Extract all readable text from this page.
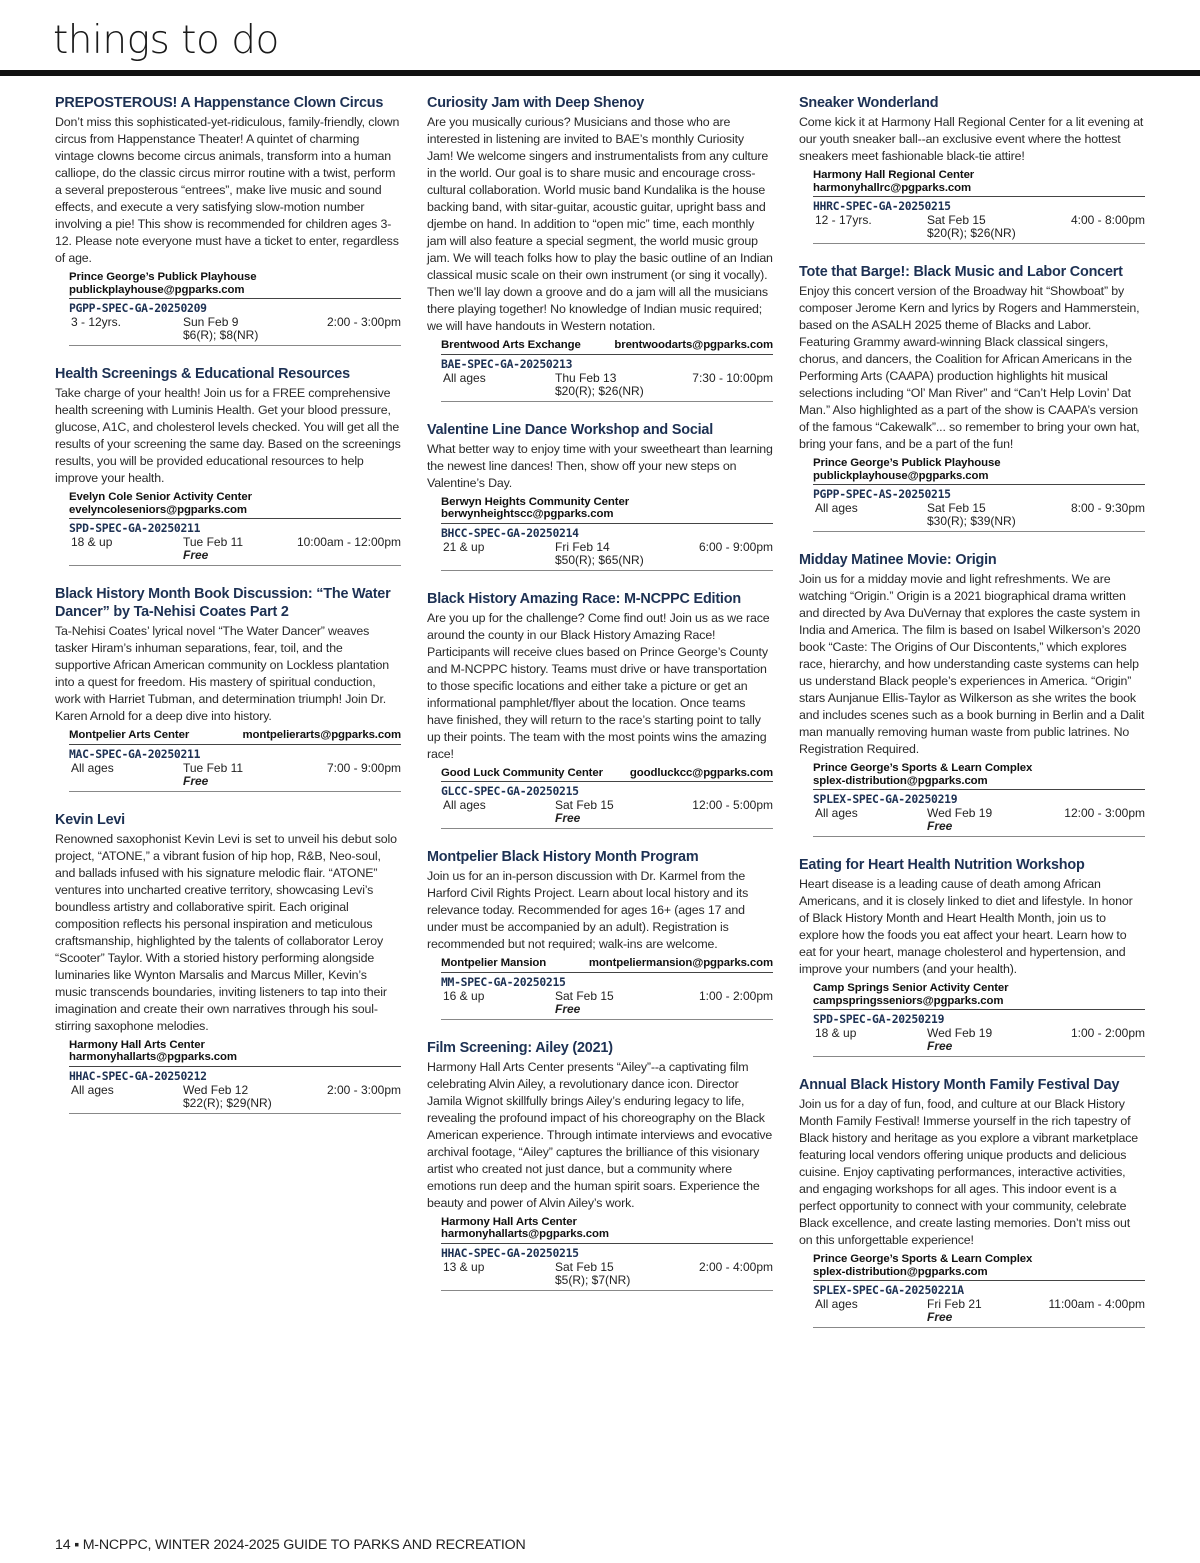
things to do
PREPOSTEROUS! A Happenstance Clown Circus

Don’t miss this sophisticated-yet-ridiculous, family-friendly, clown circus from Happenstance Theater! A quintet of charming vintage clowns become circus animals, transform into a human calliope, do the classic circus mirror routine with a twist, perform a several preposterous “entrees”, make live music and sound effects, and execute a very satisfying slow-motion number involving a pie! This show is recommended for children ages 3-12. Please note everyone must have a ticket to enter, regardless of age.

Prince George’s Publick Playhouse
publickplayhouse@pgparks.com
PGPP-SPEC-GA-20250209
3 - 12yrs.	Sun Feb 9	2:00 - 3:00pm
$6(R); $8(NR)
Health Screenings & Educational Resources

Take charge of your health! Join us for a FREE comprehensive health screening with Luminis Health. Get your blood pressure, glucose, A1C, and cholesterol levels checked. You will get all the results of your screening the same day. Based on the screenings results, you will be provided educational resources to help improve your health.

Evelyn Cole Senior Activity Center
evelyncoleseniors@pgparks.com
SPD-SPEC-GA-20250211
18 & up	Tue Feb 11	10:00am - 12:00pm
Free
Black History Month Book Discussion: “The Water Dancer” by Ta-Nehisi Coates Part 2

Ta-Nehisi Coates’ lyrical novel “The Water Dancer” weaves tasker Hiram’s inhuman separations, fear, toil, and the supportive African American community on Lockless plantation into a quest for freedom. His mastery of spiritual conduction, work with Harriet Tubman, and determination triumph! Join Dr. Karen Arnold for a deep dive into history.

Montpelier Arts Center	montpelierarts@pgparks.com
MAC-SPEC-GA-20250211
All ages	Tue Feb 11	7:00 - 9:00pm
Free
Kevin Levi

Renowned saxophonist Kevin Levi is set to unveil his debut solo project, “ATONE,” a vibrant fusion of hip hop, R&B, Neo-soul, and ballads infused with his signature melodic flair. “ATONE” ventures into uncharted creative territory, showcasing Levi’s boundless artistry and collaborative spirit. Each original composition reflects his personal inspiration and meticulous craftsmanship, highlighted by the talents of collaborator Leroy “Scooter” Taylor. With a storied history performing alongside luminaries like Wynton Marsalis and Marcus Miller, Kevin’s music transcends boundaries, inviting listeners to tap into their imagination and create their own narratives through his soul-stirring saxophone melodies.

Harmony Hall Arts Center
harmonyhallarts@pgparks.com
HHAC-SPEC-GA-20250212
All ages	Wed Feb 12	2:00 - 3:00pm
$22(R); $29(NR)
Curiosity Jam with Deep Shenoy

Are you musically curious? Musicians and those who are interested in listening are invited to BAE’s monthly Curiosity Jam! We welcome singers and instrumentalists from any culture in the world. Our goal is to share music and encourage cross-cultural collaboration. World music band Kundalika is the house backing band, with sitar-guitar, acoustic guitar, upright bass and djembe on hand. In addition to “open mic” time, each monthly jam will also feature a special segment, the world music group jam. We will teach folks how to play the basic outline of an Indian classical music scale on their own instrument (or sing it vocally). Then we’ll lay down a groove and do a jam will all the musicians there playing together! No knowledge of Indian music required; we will have handouts in Western notation.

Brentwood Arts Exchange	brentwoodarts@pgparks.com
BAE-SPEC-GA-20250213
All ages	Thu Feb 13	7:30 - 10:00pm
$20(R); $26(NR)
Valentine Line Dance Workshop and Social

What better way to enjoy time with your sweetheart than learning the newest line dances! Then, show off your new steps on Valentine’s Day.

Berwyn Heights Community Center
berwynheightscc@pgparks.com
BHCC-SPEC-GA-20250214
21 & up	Fri Feb 14	6:00 - 9:00pm
$50(R); $65(NR)
Black History Amazing Race: M-NCPPC Edition

Are you up for the challenge? Come find out! Join us as we race around the county in our Black History Amazing Race! Participants will receive clues based on Prince George’s County and M-NCPPC history. Teams must drive or have transportation to those specific locations and either take a picture or get an informational pamphlet/flyer about the location. Once teams have finished, they will return to the race’s starting point to tally up their points. The team with the most points wins the amazing race!

Good Luck Community Center goodluckcc@pgparks.com
GLCC-SPEC-GA-20250215
All ages	Sat Feb 15	12:00 - 5:00pm
Free
Montpelier Black History Month Program

Join us for an in-person discussion with Dr. Karmel from the Harford Civil Rights Project. Learn about local history and its relevance today. Recommended for ages 16+ (ages 17 and under must be accompanied by an adult). Registration is recommended but not required; walk-ins are welcome.

Montpelier Mansion	montpeliermansion@pgparks.com
MM-SPEC-GA-20250215
16 & up	Sat Feb 15	1:00 - 2:00pm
Free
Film Screening: Ailey (2021)

Harmony Hall Arts Center presents “Ailey”--a captivating film celebrating Alvin Ailey, a revolutionary dance icon. Director Jamila Wignot skillfully brings Ailey’s enduring legacy to life, revealing the profound impact of his choreography on the Black American experience. Through intimate interviews and evocative archival footage, “Ailey” captures the brilliance of this visionary artist who created not just dance, but a community where emotions run deep and the human spirit soars. Experience the beauty and power of Alvin Ailey’s work.

Harmony Hall Arts Center
harmonyhallarts@pgparks.com
HHAC-SPEC-GA-20250215
13 & up	Sat Feb 15	2:00 - 4:00pm
$5(R); $7(NR)
Sneaker Wonderland

Come kick it at Harmony Hall Regional Center for a lit evening at our youth sneaker ball--an exclusive event where the hottest sneakers meet fashionable black-tie attire!

Harmony Hall Regional Center
harmonyhallrc@pgparks.com
HHRC-SPEC-GA-20250215
12 - 17yrs.	Sat Feb 15	4:00 - 8:00pm
$20(R); $26(NR)
Tote that Barge!: Black Music and Labor Concert

Enjoy this concert version of the Broadway hit “Showboat” by composer Jerome Kern and lyrics by Rogers and Hammerstein, based on the ASALH 2025 theme of Blacks and Labor. Featuring Grammy award-winning Black classical singers, chorus, and dancers, the Coalition for African Americans in the Performing Arts (CAAPA) production highlights hit musical selections including “Ol’ Man River” and “Can’t Help Lovin’ Dat Man.” Also highlighted as a part of the show is CAAPA’s version of the famous “Cakewalk”... so remember to bring your own hat, bring your fans, and be a part of the fun!

Prince George’s Publick Playhouse
publickplayhouse@pgparks.com
PGPP-SPEC-AS-20250215
All ages	Sat Feb 15	8:00 - 9:30pm
$30(R); $39(NR)
Midday Matinee Movie: Origin

Join us for a midday movie and light refreshments. We are watching “Origin.” Origin is a 2021 biographical drama written and directed by Ava DuVernay that explores the caste system in India and America. The film is based on Isabel Wilkerson’s 2020 book “Caste: The Origins of Our Discontents,” which explores race, hierarchy, and how understanding caste systems can help us understand Black people’s experiences in America. “Origin” stars Aunjanue Ellis-Taylor as Wilkerson as she writes the book and includes scenes such as a book burning in Berlin and a Dalit man manually removing human waste from public latrines. No Registration Required.

Prince George’s Sports & Learn Complex
splex-distribution@pgparks.com
SPLEX-SPEC-GA-20250219
All ages	Wed Feb 19	12:00 - 3:00pm
Free
Eating for Heart Health Nutrition Workshop

Heart disease is a leading cause of death among African Americans, and it is closely linked to diet and lifestyle. In honor of Black History Month and Heart Health Month, join us to explore how the foods you eat affect your heart. Learn how to eat for your heart, manage cholesterol and hypertension, and improve your numbers (and your health).

Camp Springs Senior Activity Center
campspringsseniors@pgparks.com
SPD-SPEC-GA-20250219
18 & up	Wed Feb 19	1:00 - 2:00pm
Free
Annual Black History Month Family Festival Day

Join us for a day of fun, food, and culture at our Black History Month Family Festival! Immerse yourself in the rich tapestry of Black history and heritage as you explore a vibrant marketplace featuring local vendors offering unique products and delicious cuisine. Enjoy captivating performances, interactive activities, and engaging workshops for all ages. This indoor event is a perfect opportunity to connect with your community, celebrate Black excellence, and create lasting memories. Don’t miss out on this unforgettable experience!

Prince George’s Sports & Learn Complex
splex-distribution@pgparks.com
SPLEX-SPEC-GA-20250221A
All ages	Fri Feb 21	11:00am - 4:00pm
Free
14 ▪ M-NCPPC, WINTER 2024-2025 GUIDE TO PARKS AND RECREATION
